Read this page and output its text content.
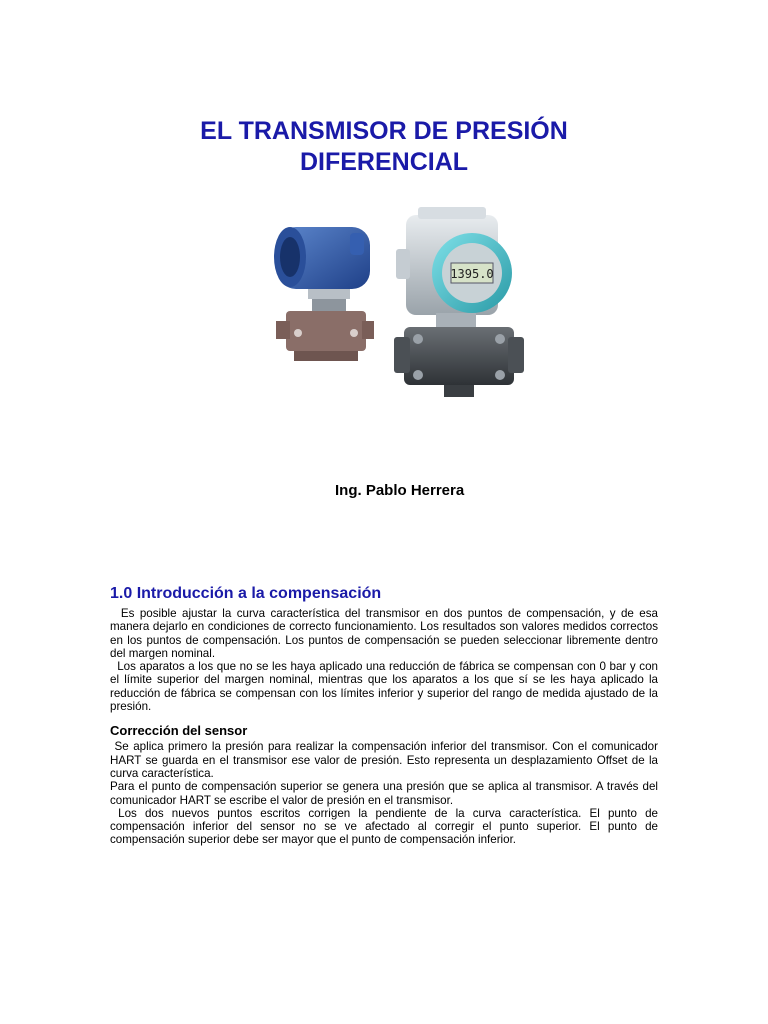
EL TRANSMISOR DE PRESIÓN
DIFERENCIAL
1395.0

Ing. Pablo Herrera

1.0 Introducción a la compensación

Es posible ajustar la curva característica del transmisor en dos puntos de compensación, y de esa manera dejarlo en condiciones de correcto funcionamiento. Los resultados son valores medidos correctos en los puntos de compensación. Los puntos de compensación se pueden seleccionar libremente dentro del margen nominal.

Los aparatos a los que no se les haya aplicado una reducción de fábrica se compensan con 0 bar y con el límite superior del margen nominal, mientras que los aparatos a los que sí se les haya aplicado la reducción de fábrica se compensan con los límites inferior y superior del rango de medida ajustado de la presión.

Corrección del sensor

Se aplica primero la presión para realizar la compensación inferior del transmisor. Con el comunicador HART se guarda en el transmisor ese valor de presión. Esto representa un desplazamiento Offset de la curva característica.

Para el punto de compensación superior se genera una presión que se aplica al transmisor. A través del comunicador HART se escribe el valor de presión en el transmisor.

Los dos nuevos puntos escritos corrigen la pendiente de la curva característica. El punto de compensación inferior del sensor no se ve afectado al corregir el punto superior. El punto de compensación superior debe ser mayor que el punto de compensación inferior.
